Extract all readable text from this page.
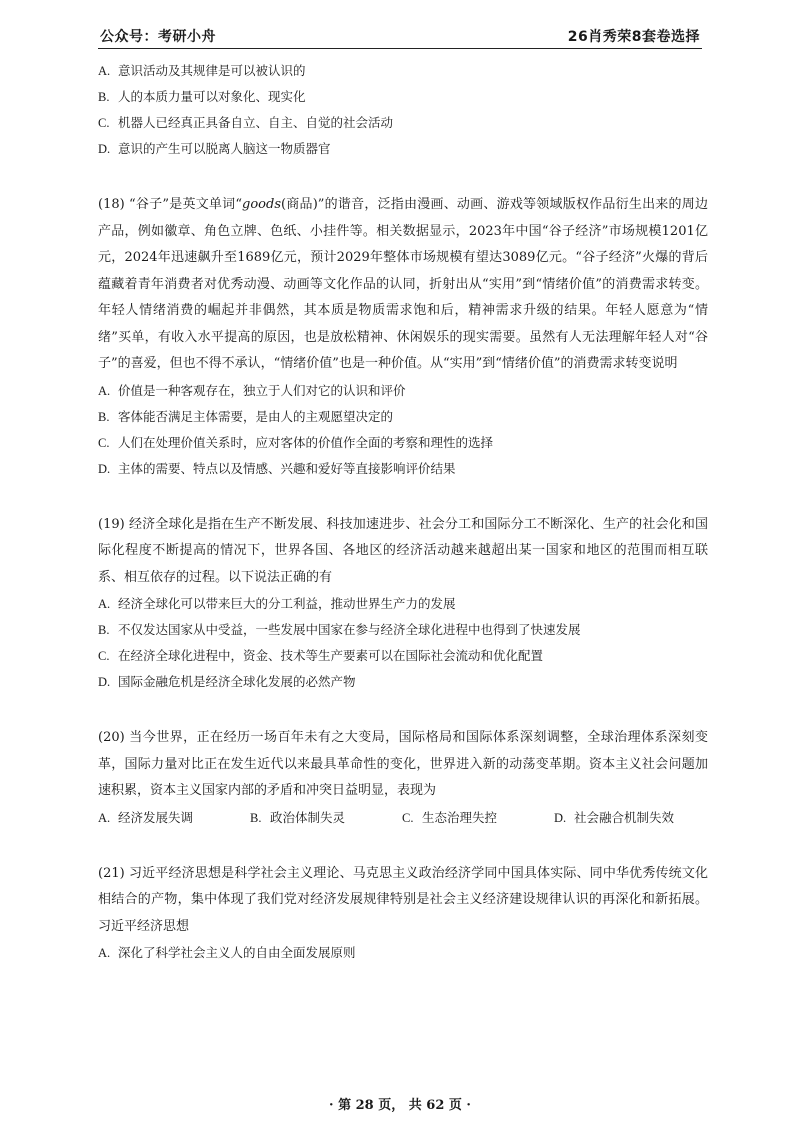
公众号：考研小舟	26肖秀荣8套卷选择
A. 意识活动及其规律是可以被认识的
B. 人的本质力量可以对象化、现实化
C. 机器人已经真正具备自立、自主、自觉的社会活动
D. 意识的产生可以脱离人脑这一物质器官

(18) “谷子”是英文单词“goods(商品)”的谐音，泛指由漫画、动画、游戏等领域版权作品衍生出来的周边产品，例如徽章、角色立牌、色纸、小挂件等。相关数据显示，2023年中国“谷子经济”市场规模1201亿元，2024年迅速飙升至1689亿元，预计2029年整体市场规模有望达3089亿元。“谷子经济”火爆的背后蕴藏着青年消费者对优秀动漫、动画等文化作品的认同，折射出从“实用”到“情绪价值”的消费需求转变。年轻人情绪消费的崛起并非偶然，其本质是物质需求饱和后，精神需求升级的结果。年轻人愿意为“情绪”买单，有收入水平提高的原因，也是放松精神、休闲娱乐的现实需要。虽然有人无法理解年轻人对“谷子”的喜爱，但也不得不承认，“情绪价值”也是一种价值。从“实用”到“情绪价值”的消费需求转变说明

A. 价值是一种客观存在，独立于人们对它的认识和评价
B. 客体能否满足主体需要，是由人的主观愿望决定的
C. 人们在处理价值关系时，应对客体的价值作全面的考察和理性的选择
D. 主体的需要、特点以及情感、兴趣和爱好等直接影响评价结果

(19) 经济全球化是指在生产不断发展、科技加速进步、社会分工和国际分工不断深化、生产的社会化和国际化程度不断提高的情况下，世界各国、各地区的经济活动越来越超出某一国家和地区的范围而相互联系、相互依存的过程。以下说法正确的有

A. 经济全球化可以带来巨大的分工利益，推动世界生产力的发展
B. 不仅发达国家从中受益，一些发展中国家在参与经济全球化进程中也得到了快速发展
C. 在经济全球化进程中，资金、技术等生产要素可以在国际社会流动和优化配置
D. 国际金融危机是经济全球化发展的必然产物

(20) 当今世界，正在经历一场百年未有之大变局，国际格局和国际体系深刻调整，全球治理体系深刻变革，国际力量对比正在发生近代以来最具革命性的变化，世界进入新的动荡变革期。资本主义社会问题加速积累，资本主义国家内部的矛盾和冲突日益明显，表现为

A. 经济发展失调	B. 政治体制失灵	C. 生态治理失控	D. 社会融合机制失效

(21) 习近平经济思想是科学社会主义理论、马克思主义政治经济学同中国具体实际、同中华优秀传统文化相结合的产物，集中体现了我们党对经济发展规律特别是社会主义经济建设规律认识的再深化和新拓展。习近平经济思想

A. 深化了科学社会主义人的自由全面发展原则
· 第 28 页， 共 62 页 ·
